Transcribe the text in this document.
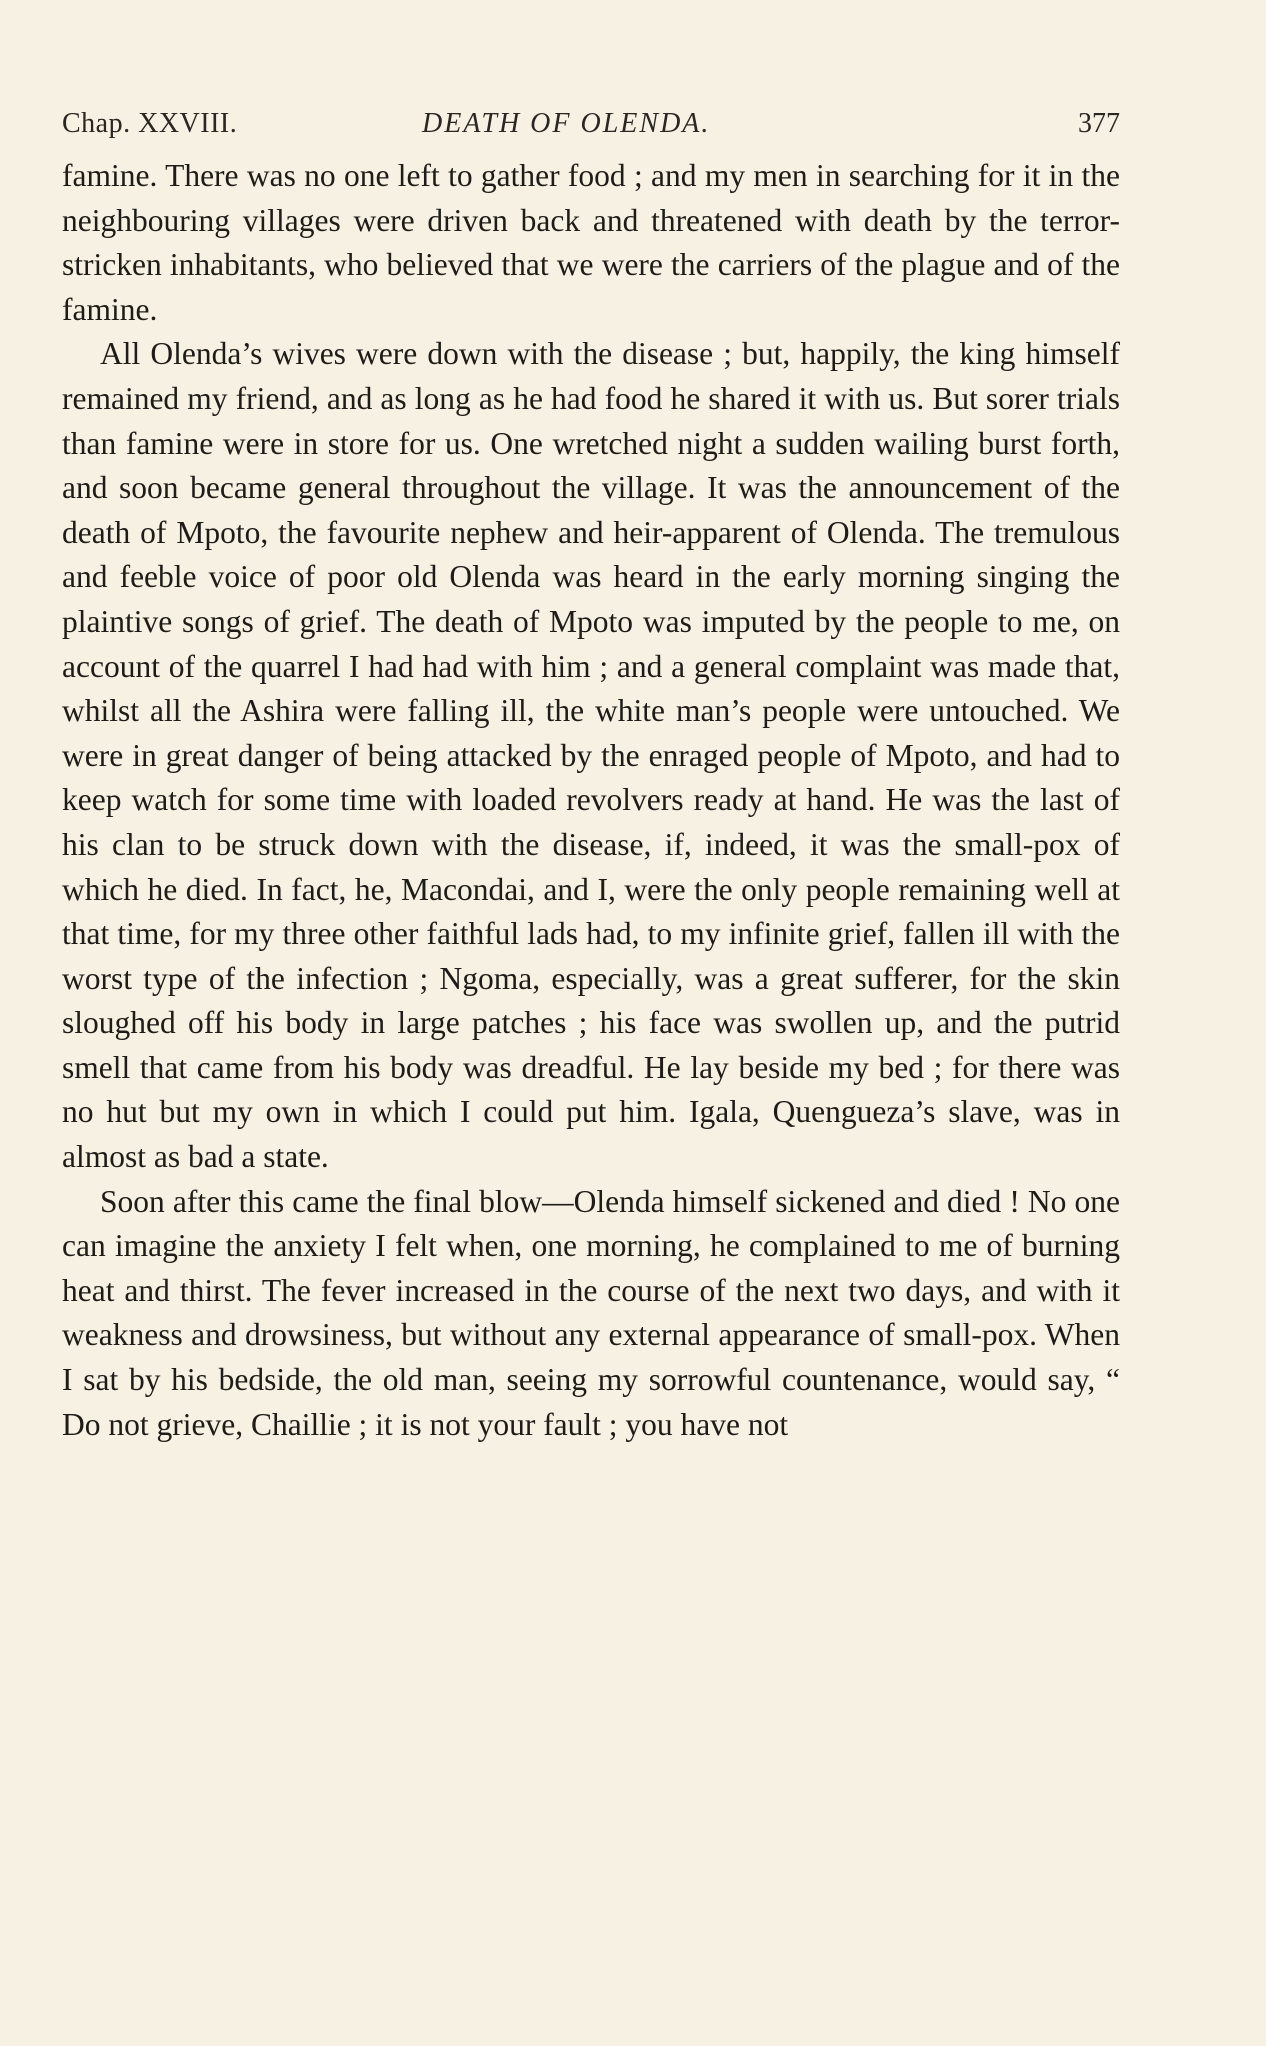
Chap. XXVIII.	DEATH OF OLENDA.	377

famine. There was no one left to gather food ; and my men in searching for it in the neighbouring villages were driven back and threatened with death by the terror-stricken inhabitants, who believed that we were the carriers of the plague and of the famine.

All Olenda’s wives were down with the disease ; but, happily, the king himself remained my friend, and as long as he had food he shared it with us. But sorer trials than famine were in store for us. One wretched night a sudden wailing burst forth, and soon became general throughout the village. It was the announcement of the death of Mpoto, the favourite nephew and heir-apparent of Olenda. The tremulous and feeble voice of poor old Olenda was heard in the early morning singing the plaintive songs of grief. The death of Mpoto was imputed by the people to me, on account of the quarrel I had had with him ; and a general complaint was made that, whilst all the Ashira were falling ill, the white man’s people were untouched. We were in great danger of being attacked by the enraged people of Mpoto, and had to keep watch for some time with loaded revolvers ready at hand. He was the last of his clan to be struck down with the disease, if, indeed, it was the small-pox of which he died. In fact, he, Macondai, and I, were the only people remaining well at that time, for my three other faithful lads had, to my infinite grief, fallen ill with the worst type of the infection ; Ngoma, especially, was a great sufferer, for the skin sloughed off his body in large patches ; his face was swollen up, and the putrid smell that came from his body was dreadful. He lay beside my bed ; for there was no hut but my own in which I could put him. Igala, Quengueza’s slave, was in almost as bad a state.

Soon after this came the final blow—Olenda himself sickened and died ! No one can imagine the anxiety I felt when, one morning, he complained to me of burning heat and thirst. The fever increased in the course of the next two days, and with it weakness and drowsiness, but without any external appearance of small-pox. When I sat by his bedside, the old man, seeing my sorrowful countenance, would say, “ Do not grieve, Chaillie ; it is not your fault ; you have not
